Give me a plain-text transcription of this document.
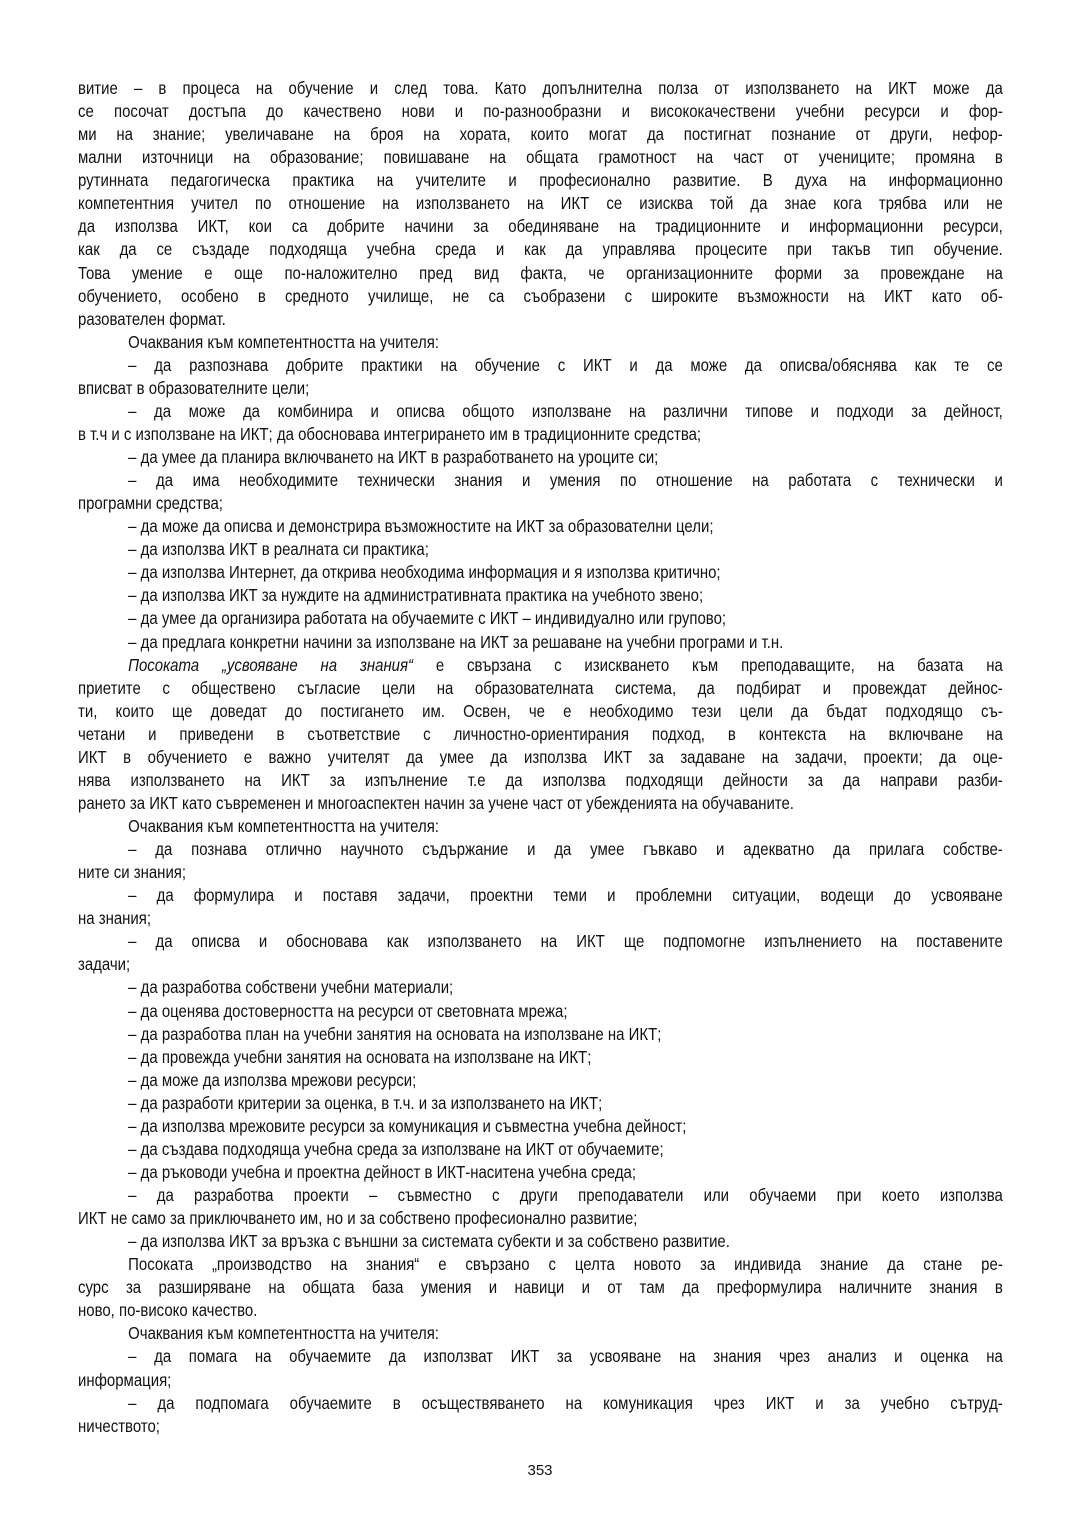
витие – в процеса на обучение и след това. Като допълнителна полза от използването на ИКТ може да
се посочат достъпа до качествено нови и по-разнообразни и висококачествени учебни ресурси и фор-
ми на знание; увеличаване на броя на хората, които могат да постигнат познание от други, нефор-
мални източници на образование; повишаване на общата грамотност на част от учениците; промяна в
рутинната педагогическа практика на учителите и професионално развитие. В духа на информационно
компетентния учител по отношение на използването на ИКТ се изисква той да знае кога трябва или не
да използва ИКТ, кои са добрите начини за обединяване на традиционните и информационни ресурси,
как да се създаде подходяща учебна среда и как да управлява процесите при такъв тип обучение.
Това умение е още по-наложително пред вид факта, че организационните форми за провеждане на
обучението, особено в средното училище, не са съобразени с широките възможности на ИКТ като об-
разователен формат.
Очаквания към компетентността на учителя:
– да разпознава добрите практики на обучение с ИКТ и да може да описва/обяснява как те се
вписват в образователните цели;
– да може да комбинира и описва общото използване на различни типове и подходи за дейност,
в т.ч и с използване на ИКТ; да обосновава интегрирането им в традиционните средства;
– да умее да планира включването на ИКТ в разработването на уроците си;
– да има необходимите технически знания и умения по отношение на работата с технически и
програмни средства;
– да може да описва и демонстрира възможностите на ИКТ за образователни цели;
– да използва ИКТ в реалната си практика;
– да използва Интернет, да открива необходима информация и я използва критично;
– да използва ИКТ за нуждите на административната практика на учебното звено;
– да умее да организира работата на обучаемите с ИКТ – индивидуално или групово;
– да предлага конкретни начини за използване на ИКТ за решаване на учебни програми и т.н.
Посоката „усвояване на знания“ е свързана с изискването към преподаващите, на базата на
приетите с обществено съгласие цели на образователната система, да подбират и провеждат дейнос-
ти, които ще доведат до постигането им. Освен, че е необходимо тези цели да бъдат подходящо съ-
четани и приведени в съответствие с личностно-ориентирания подход, в контекста на включване на
ИКТ в обучението е важно учителят да умее да използва ИКТ за задаване на задачи, проекти; да оце-
нява използването на ИКТ за изпълнение т.е да използва подходящи дейности за да направи разби-
рането за ИКТ като съвременен и многоаспектен начин за учене част от убежденията на обучаваните.
Очаквания към компетентността на учителя:
– да познава отлично научното съдържание и да умее гъвкаво и адекватно да прилага собстве-
ните си знания;
– да формулира и поставя задачи, проектни теми и проблемни ситуации, водещи до усвояване
на знания;
– да описва и обосновава как използването на ИКТ ще подпомогне изпълнението на поставените
задачи;
– да разработва собствени учебни материали;
– да оценява достоверността на ресурси от световната мрежа;
– да разработва план на учебни занятия на основата на използване на ИКТ;
– да провежда учебни занятия на основата на използване на ИКТ;
– да може да използва мрежови ресурси;
– да разработи критерии за оценка, в т.ч. и за използването на ИКТ;
– да използва мрежовите ресурси за комуникация и съвместна учебна дейност;
– да създава подходяща учебна среда за използване на ИКТ от обучаемите;
– да ръководи учебна и проектна дейност в ИКТ-наситена учебна среда;
– да разработва проекти – съвместно с други преподаватели или обучаеми при което използва
ИКТ не само за приключването им, но и за собствено професионално развитие;
– да използва ИКТ за връзка с външни за системата субекти и за собствено развитие.
Посоката „производство на знания“ е свързано с целта новото за индивида знание да стане ре-
сурс за разширяване на общата база умения и навици и от там да преформулира наличните знания в
ново, по-високо качество.
Очаквания към компетентността на учителя:
– да помага на обучаемите да използват ИКТ за усвояване на знания чрез анализ и оценка на
информация;
– да подпомага обучаемите в осъществяването на комуникация чрез ИКТ и за учебно сътруд-
ничеството;
353
